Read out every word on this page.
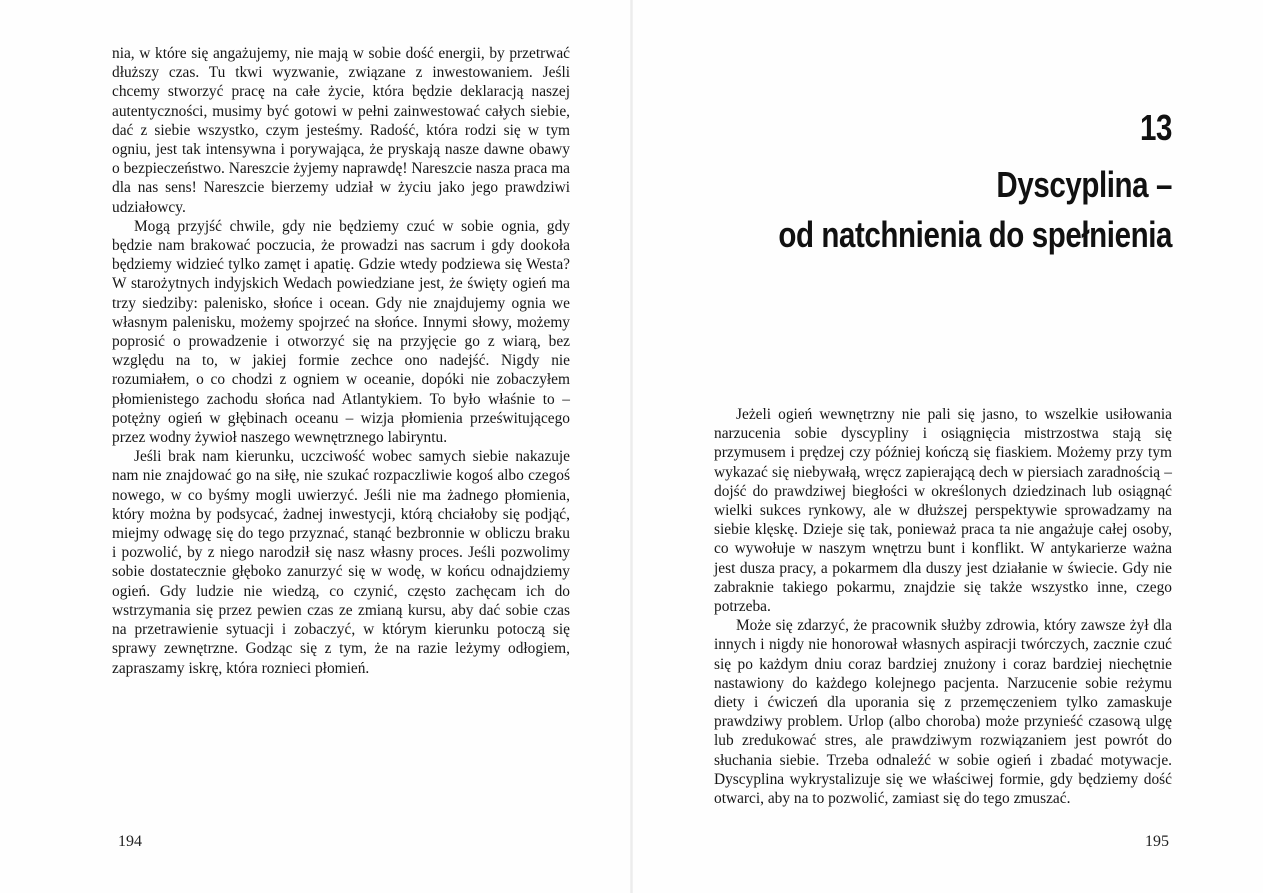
nia, w które się angażujemy, nie mają w sobie dość energii, by przetrwać dłuższy czas. Tu tkwi wyzwanie, związane z inwestowaniem. Jeśli chcemy stworzyć pracę na całe życie, która będzie deklaracją naszej autentyczności, musimy być gotowi w pełni zainwestować całych siebie, dać z siebie wszystko, czym jesteśmy. Radość, która rodzi się w tym ogniu, jest tak intensywna i porywająca, że pryskają nasze dawne obawy o bezpieczeństwo. Nareszcie żyjemy naprawdę! Nareszcie nasza praca ma dla nas sens! Nareszcie bierzemy udział w życiu jako jego prawdziwi udziałowcy.

Mogą przyjść chwile, gdy nie będziemy czuć w sobie ognia, gdy będzie nam brakować poczucia, że prowadzi nas sacrum i gdy dookoła będziemy widzieć tylko zamęt i apatię. Gdzie wtedy podziewa się Westa? W starożytnych indyjskich Wedach powiedziane jest, że święty ogień ma trzy siedziby: palenisko, słońce i ocean. Gdy nie znajdujemy ognia we własnym palenisku, możemy spojrzeć na słońce. Innymi słowy, możemy poprosić o prowadzenie i otworzyć się na przyjęcie go z wiarą, bez względu na to, w jakiej formie zechce ono nadejść. Nigdy nie rozumiałem, o co chodzi z ogniem w oceanie, dopóki nie zobaczyłem płomienistego zachodu słońca nad Atlantykiem. To było właśnie to – potężny ogień w głębinach oceanu – wizja płomienia prześwitującego przez wodny żywioł naszego wewnętrznego labiryntu.

Jeśli brak nam kierunku, uczciwość wobec samych siebie nakazuje nam nie znajdować go na siłę, nie szukać rozpaczliwie kogoś albo czegoś nowego, w co byśmy mogli uwierzyć. Jeśli nie ma żadnego płomienia, który można by podsycać, żadnej inwestycji, którą chciałoby się podjąć, miejmy odwagę się do tego przyznać, stanąć bezbronnie w obliczu braku i pozwolić, by z niego narodził się nasz własny proces. Jeśli pozwolimy sobie dostatecznie głęboko zanurzyć się w wodę, w końcu odnajdziemy ogień. Gdy ludzie nie wiedzą, co czynić, często zachęcam ich do wstrzymania się przez pewien czas ze zmianą kursu, aby dać sobie czas na przetrawienie sytuacji i zobaczyć, w którym kierunku potoczą się sprawy zewnętrzne. Godząc się z tym, że na razie leżymy odłogiem, zapraszamy iskrę, która roznieci płomień.

194
13
Dyscyplina –
od natchnienia do spełnienia

Jeżeli ogień wewnętrzny nie pali się jasno, to wszelkie usiłowania narzucenia sobie dyscypliny i osiągnięcia mistrzostwa stają się przymusem i prędzej czy później kończą się fiaskiem. Możemy przy tym wykazać się niebywałą, wręcz zapierającą dech w piersiach zaradnością – dojść do prawdziwej biegłości w określonych dziedzinach lub osiągnąć wielki sukces rynkowy, ale w dłuższej perspektywie sprowadzamy na siebie klęskę. Dzieje się tak, ponieważ praca ta nie angażuje całej osoby, co wywołuje w naszym wnętrzu bunt i konflikt. W antykarierze ważna jest dusza pracy, a pokarmem dla duszy jest działanie w świecie. Gdy nie zabraknie takiego pokarmu, znajdzie się także wszystko inne, czego potrzeba.

Może się zdarzyć, że pracownik służby zdrowia, który zawsze żył dla innych i nigdy nie honorował własnych aspiracji twórczych, zacznie czuć się po każdym dniu coraz bardziej znużony i coraz bardziej niechętnie nastawiony do każdego kolejnego pacjenta. Narzucenie sobie reżymu diety i ćwiczeń dla uporania się z przemęczeniem tylko zamaskuje prawdziwy problem. Urlop (albo choroba) może przynieść czasową ulgę lub zredukować stres, ale prawdziwym rozwiązaniem jest powrót do słuchania siebie. Trzeba odnaleźć w sobie ogień i zbadać motywacje. Dyscyplina wykrystalizuje się we właściwej formie, gdy będziemy dość otwarci, aby na to pozwolić, zamiast się do tego zmuszać.

195
